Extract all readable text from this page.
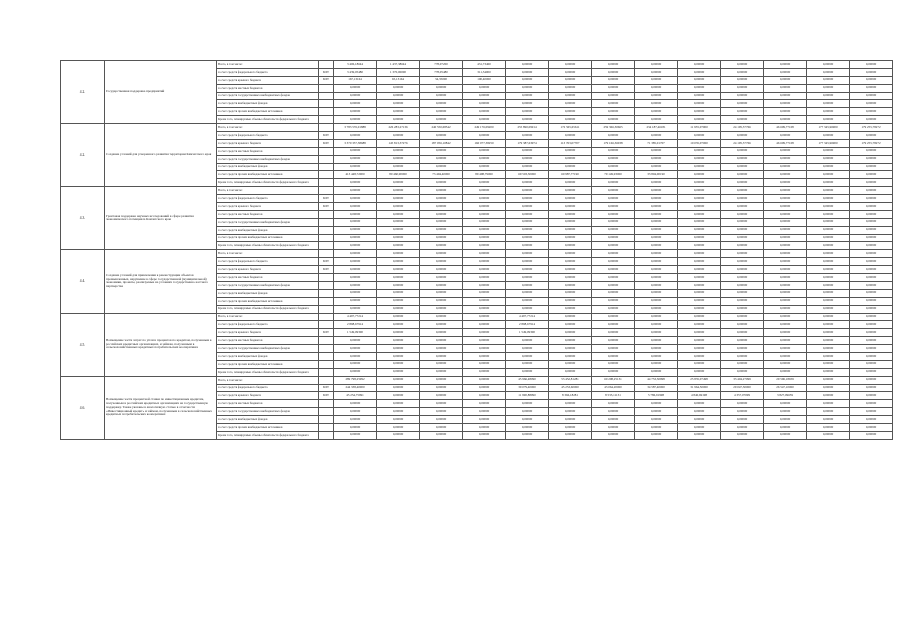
4.2.	Государственная поддержка предприятий	Всего, в том числе:		3 406,18644	1 437,38644	778,07200	431,73400	0,00000	0,00000	0,00000	0,00000	0,00000	0,00000	0,00000	0,00000	0,00000
		за счет средств федерального бюджета	БЛТ	3 439,05480	1 370,00000	778,05480	311,34000	0,00000	0,00000	0,00000	0,00000	0,00000	0,00000	0,00000	0,00000	0,00000
		за счет средств краевого бюджета	БЛТ	167,13164	65,13164	34,35000	100,40000	0,00000	0,00000	0,00000	0,00000	0,00000	0,00000	0,00000	0,00000	0,00000
		за счет средств местных бюджетов		0,00000	0,00000	0,00000	0,00000	0,00000	0,00000	0,00000	0,00000	0,00000	0,00000	0,00000	0,00000	0,00000
		за счет средств государственных внебюджетных фондов		0,00000	0,00000	0,00000	0,00000	0,00000	0,00000	0,00000	0,00000	0,00000	0,00000	0,00000	0,00000	0,00000
		за счет средств внебюджетных фондов		0,00000	0,00000	0,00000	0,00000	0,00000	0,00000	0,00000	0,00000	0,00000	0,00000	0,00000	0,00000	0,00000
		за счет средств прочих внебюджетных источников		0,00000	0,00000	0,00000	0,00000	0,00000	0,00000	0,00000	0,00000	0,00000	0,00000	0,00000	0,00000	0,00000
		Кроме того, планируемые объемы обязательств федерального бюджета		0,00000	0,00000	0,00000	0,00000	0,00000	0,00000	0,00000	0,00000	0,00000	0,00000	0,00000	0,00000	0,00000
4.2.	Создание условий для ускоренного развития территории Камчатского края	Всего, в том числе:		3 783 576,01888	226 283,27136	240 550,68542	249 176,09200	255 890,09914	172 565,65611	259 366,30665	234 187,46181	11 935,07000	24 195,37766	46 609,77108	177 345,96900	179 255,78272
		за счет средств федерального бюджета	БЛТ	0,00000	0,00000	0,00000	0,00000	0,00000	0,00000	0,00000	0,00000	0,00000	0,00000	0,00000	0,00000	0,00000
		за счет средств краевого бюджета	БЛТ	3 370 337,38688	145 813,37276	187 056,10842	160 077,38250	179 387,63974	113 763,07707	179 166,36038	71 385,01707	10 035,07000	24 195,37766	46 609,77108	177 345,96900	179 255,78272
		за счет средств местных бюджетов		0,00000	0,00000	0,00000	0,00000	0,00000	0,00000	0,00000	0,00000	0,00000	0,00000	0,00000	0,00000	0,00000
		за счет средств государственных внебюджетных фондов		0,00000	0,00000	0,00000	0,00000	0,00000	0,00000	0,00000	0,00000	0,00000	0,00000	0,00000	0,00000	0,00000
		за счет средств внебюджетных фондов		0,00000	0,00000	0,00000	0,00000	0,00000	0,00000	0,00000	0,00000	0,00000	0,00000	0,00000	0,00000	0,00000
		за счет средств прочих внебюджетных источников		413 448,72000	80 460,90000	73 494,40000	89 498,79000	69 503,30000	60 987,77190	79 149,93000	33 804,00190	0,00000	0,00000	0,00000	0,00000	0,00000
		Кроме того, планируемые объемы обязательств федерального бюджета		0,00000	0,00000	0,00000	0,00000	0,00000	0,00000	0,00000	0,00000	0,00000	0,00000	0,00000	0,00000	0,00000
4.3.	Грантовая поддержка научных исследований в сфере развития экономического потенциала Камчатского края	Всего, в том числе:		0,00000	0,00000	0,00000	0,00000	0,00000	0,00000	0,00000	0,00000	0,00000	0,00000	0,00000	0,00000	0,00000
		за счет средств федерального бюджета	БЛТ	0,00000	0,00000	0,00000	0,00000	0,00000	0,00000	0,00000	0,00000	0,00000	0,00000	0,00000	0,00000	0,00000
		за счет средств краевого бюджета	БЛТ	0,00000	0,00000	0,00000	0,00000	0,00000	0,00000	0,00000	0,00000	0,00000	0,00000	0,00000	0,00000	0,00000
		за счет средств местных бюджетов		0,00000	0,00000	0,00000	0,00000	0,00000	0,00000	0,00000	0,00000	0,00000	0,00000	0,00000	0,00000	0,00000
		за счет средств государственных внебюджетных фондов		0,00000	0,00000	0,00000	0,00000	0,00000	0,00000	0,00000	0,00000	0,00000	0,00000	0,00000	0,00000	0,00000
		за счет средств внебюджетных фондов		0,00000	0,00000	0,00000	0,00000	0,00000	0,00000	0,00000	0,00000	0,00000	0,00000	0,00000	0,00000	0,00000
		за счет средств прочих внебюджетных источников		0,00000	0,00000	0,00000	0,00000	0,00000	0,00000	0,00000	0,00000	0,00000	0,00000	0,00000	0,00000	0,00000
		Кроме того, планируемые объемы обязательств федерального бюджета		0,00000	0,00000	0,00000	0,00000	0,00000	0,00000	0,00000	0,00000	0,00000	0,00000	0,00000	0,00000	0,00000
4.4.	Создание условий для привлечения к реконструкции объектов промышленных, нарушение в сфере государственной (муниципальной) экономики, проекты, реализуемые на условиях государственно-частного партнерства	Всего, в том числе:		0,00000	0,00000	0,00000	0,00000	0,00000	0,00000	0,00000	0,00000	0,00000	0,00000	0,00000	0,00000	0,00000
		за счет средств федерального бюджета	БЛТ	0,00000	0,00000	0,00000	0,00000	0,00000	0,00000	0,00000	0,00000	0,00000	0,00000	0,00000	0,00000	0,00000
		за счет средств краевого бюджета	БЛТ	0,00000	0,00000	0,00000	0,00000	0,00000	0,00000	0,00000	0,00000	0,00000	0,00000	0,00000	0,00000	0,00000
		за счет средств местных бюджетов		0,00000	0,00000	0,00000	0,00000	0,00000	0,00000	0,00000	0,00000	0,00000	0,00000	0,00000	0,00000	0,00000
		за счет средств государственных внебюджетных фондов		0,00000	0,00000	0,00000	0,00000	0,00000	0,00000	0,00000	0,00000	0,00000	0,00000	0,00000	0,00000	0,00000
		за счет средств внебюджетных фондов		0,00000	0,00000	0,00000	0,00000	0,00000	0,00000	0,00000	0,00000	0,00000	0,00000	0,00000	0,00000	0,00000
		за счет средств прочих внебюджетных источников		0,00000	0,00000	0,00000	0,00000	0,00000	0,00000	0,00000	0,00000	0,00000	0,00000	0,00000	0,00000	0,00000
		Кроме того, планируемые объемы обязательств федерального бюджета		0,00000	0,00000	0,00000	0,00000	0,00000	0,00000	0,00000	0,00000	0,00000	0,00000	0,00000	0,00000	0,00000
4.5.	Возмещение части затрат по уплате процентов по кредитам, полученным в российских кредитных организациях, и займам, полученным в сельскохозяйственных кредитных потребительских кооперативах	Всего, в том числе:		4 497,77214	0,00000	0,00000	0,00000	4 497,77214	0,00000	0,00000	0,00000	0,00000	0,00000	0,00000	0,00000	0,00000
		за счет средств федерального бюджета		2 898,67914	0,00000	0,00000	0,00000	2 898,67914	0,00000	0,00000	0,00000	0,00000	0,00000	0,00000	0,00000	0,00000
		за счет средств краевого бюджета	БЛТ	1 549,09300	0,00000	0,00000	0,00000	1 549,09300	0,00000	0,00000	0,00000	0,00000	0,00000	0,00000	0,00000	0,00000
		за счет средств местных бюджетов		0,00000	0,00000	0,00000	0,00000	0,00000	0,00000	0,00000	0,00000	0,00000	0,00000	0,00000	0,00000	0,00000
		за счет средств государственных внебюджетных фондов		0,00000	0,00000	0,00000	0,00000	0,00000	0,00000	0,00000	0,00000	0,00000	0,00000	0,00000	0,00000	0,00000
		за счет средств внебюджетных фондов		0,00000	0,00000	0,00000	0,00000	0,00000	0,00000	0,00000	0,00000	0,00000	0,00000	0,00000	0,00000	0,00000
		за счет средств прочих внебюджетных источников		0,00000	0,00000	0,00000	0,00000	0,00000	0,00000	0,00000	0,00000	0,00000	0,00000	0,00000	0,00000	0,00000
		Кроме того, планируемые объемы обязательств федерального бюджета		0,00000	0,00000	0,00000	0,00000	0,00000	0,00000	0,00000	0,00000	0,00000	0,00000	0,00000	0,00000	0,00000
4.6.	Возмещение части процентной ставки по инвестиционным кредитам, полученным в российских кредитных организациях на государственную поддержку. Также указаны в аналогичную статью в отчетности «Инвестиционный кредит» и займам, полученным в сельскохозяйственных кредитных потребительских кооперативах	Всего, в том числе:		289 798,25992	0,00000	0,00000	0,00000	45 966,48090	53 452,81281	60 208,25131	44 753,30998	25 835,07498	33 404,27099	29 596,18659	0,00000	0,00000
		за счет средств федерального бюджета	БЛТ	244 338,40000	0,00000	0,00000	0,00000	39 079,40000	45 253,60000	43 064,20000	34 587,40000	31 964,50000	29 047,30000	26 547,10000	0,00000	0,00000
		за счет средств краевого бюджета	БЛТ	45 254,75991	0,00000	0,00000	0,00000	11 990,88090	8 366,18281	8 533,11131	5 786,91998	4 840,69198	4 357,07099	3 827,09659	0,00000	0,00000
		за счет средств местных бюджетов		0,00000	0,00000	0,00000	0,00000	0,00000	0,00000	0,00000	0,00000	0,00000	0,00000	0,00000	0,00000	0,00000
		за счет средств государственных внебюджетных фондов		0,00000	0,00000	0,00000	0,00000	0,00000	0,00000	0,00000	0,00000	0,00000	0,00000	0,00000	0,00000	0,00000
		за счет средств внебюджетных фондов		0,00000	0,00000	0,00000	0,00000	0,00000	0,00000	0,00000	0,00000	0,00000	0,00000	0,00000	0,00000	0,00000
		за счет средств прочих внебюджетных источников		0,00000	0,00000	0,00000	0,00000	0,00000	0,00000	0,00000	0,00000	0,00000	0,00000	0,00000	0,00000	0,00000
		Кроме того, планируемые объемы обязательств федерального бюджета		0,00000	0,00000	0,00000	0,00000	0,00000	0,00000	0,00000	0,00000	0,00000	0,00000	0,00000	0,00000	0,00000
